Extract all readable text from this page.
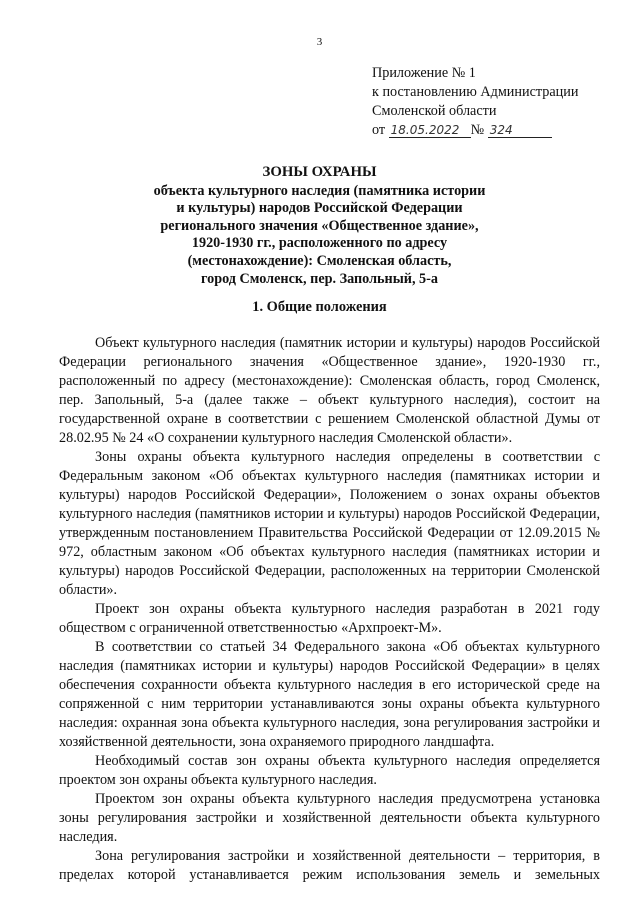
3
Приложение № 1
к постановлению Администрации
Смоленской области
от 18.05.2022 № 324
ЗОНЫ ОХРАНЫ
объекта культурного наследия (памятника истории
и культуры) народов Российской Федерации
регионального значения «Общественное здание»,
1920-1930 гг., расположенного по адресу
(местонахождение): Смоленская область,
город Смоленск, пер. Запольный, 5-а
1. Общие положения

Объект культурного наследия (памятник истории и культуры) народов Российской Федерации регионального значения «Общественное здание», 1920-1930 гг., расположенный по адресу (местонахождение): Смоленская область, город Смоленск, пер. Запольный, 5-а (далее также – объект культурного наследия), состоит на государственной охране в соответствии с решением Смоленской областной Думы от 28.02.95 № 24 «О сохранении культурного наследия Смоленской области».

Зоны охраны объекта культурного наследия определены в соответствии с Федеральным законом «Об объектах культурного наследия (памятниках истории и культуры) народов Российской Федерации», Положением о зонах охраны объектов культурного наследия (памятников истории и культуры) народов Российской Федерации, утвержденным постановлением Правительства Российской Федерации от 12.09.2015 № 972, областным законом «Об объектах культурного наследия (памятниках истории и культуры) народов Российской Федерации, расположенных на территории Смоленской области».

Проект зон охраны объекта культурного наследия разработан в 2021 году обществом с ограниченной ответственностью «Архпроект-М».

В соответствии со статьей 34 Федерального закона «Об объектах культурного наследия (памятниках истории и культуры) народов Российской Федерации» в целях обеспечения сохранности объекта культурного наследия в его исторической среде на сопряженной с ним территории устанавливаются зоны охраны объекта культурного наследия: охранная зона объекта культурного наследия, зона регулирования застройки и хозяйственной деятельности, зона охраняемого природного ландшафта.

Необходимый состав зон охраны объекта культурного наследия определяется проектом зон охраны объекта культурного наследия.

Проектом зон охраны объекта культурного наследия предусмотрена установка зоны регулирования застройки и хозяйственной деятельности объекта культурного наследия.

Зона регулирования застройки и хозяйственной деятельности – территория, в пределах которой устанавливается режим использования земель и земельных
